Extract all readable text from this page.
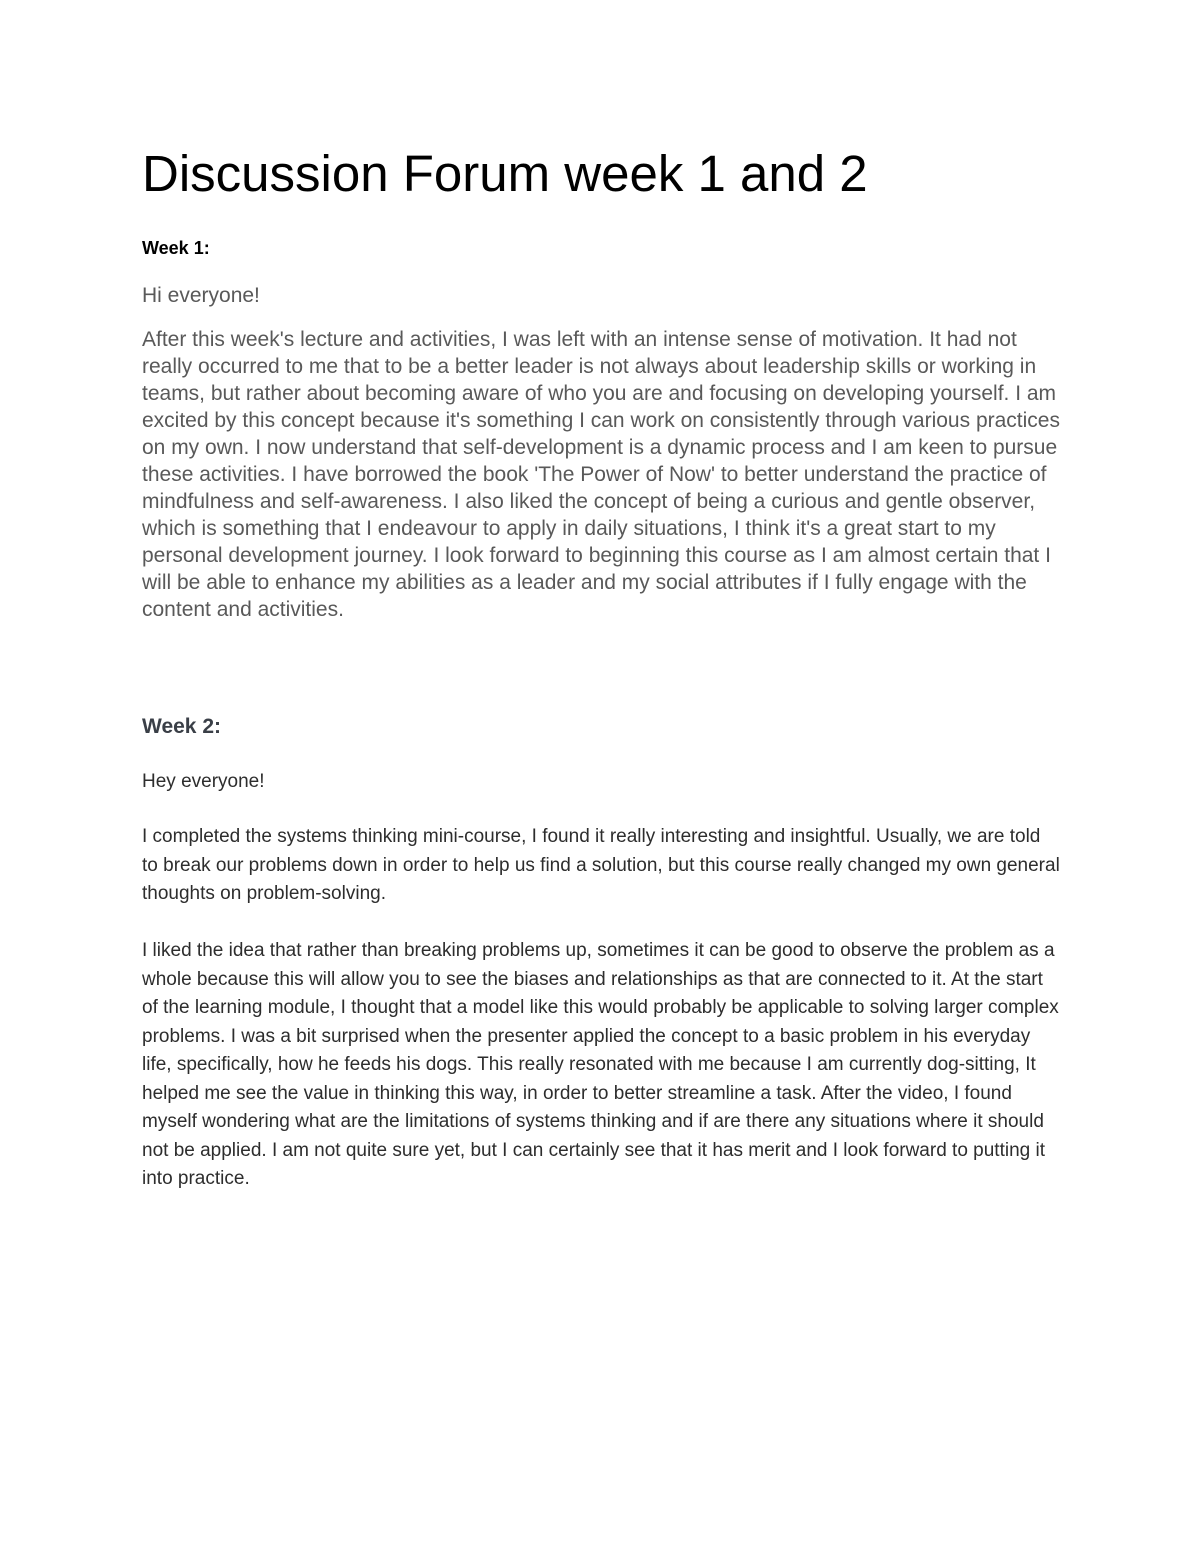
Discussion Forum week 1 and 2
Week 1:

Hi everyone!

After this week's lecture and activities, I was left with an intense sense of motivation. It had not really occurred to me that to be a better leader is not always about leadership skills or working in teams, but rather about becoming aware of who you are and focusing on developing yourself. I am excited by this concept because it's something I can work on consistently through various practices on my own. I now understand that self-development is a dynamic process and I am keen to pursue these activities. I have borrowed the book 'The Power of Now' to better understand the practice of mindfulness and self-awareness. I also liked the concept of being a curious and gentle observer, which is something that I endeavour to apply in daily situations, I think it's a great start to my personal development journey. I look forward to beginning this course as I am almost certain that I will be able to enhance my abilities as a leader and my social attributes if I fully engage with the content and activities.

Week 2:

Hey everyone!

I completed the systems thinking mini-course, I found it really interesting and insightful. Usually, we are told to break our problems down in order to help us find a solution, but this course really changed my own general thoughts on problem-solving.

I liked the idea that rather than breaking problems up, sometimes it can be good to observe the problem as a whole because this will allow you to see the biases and relationships as that are connected to it. At the start of the learning module, I thought that a model like this would probably be applicable to solving larger complex problems. I was a bit surprised when the presenter applied the concept to a basic problem in his everyday life, specifically, how he feeds his dogs. This really resonated with me because I am currently dog-sitting, It helped me see the value in thinking this way, in order to better streamline a task. After the video, I found myself wondering what are the limitations of systems thinking and if are there any situations where it should not be applied. I am not quite sure yet, but I can certainly see that it has merit and I look forward to putting it into practice.
